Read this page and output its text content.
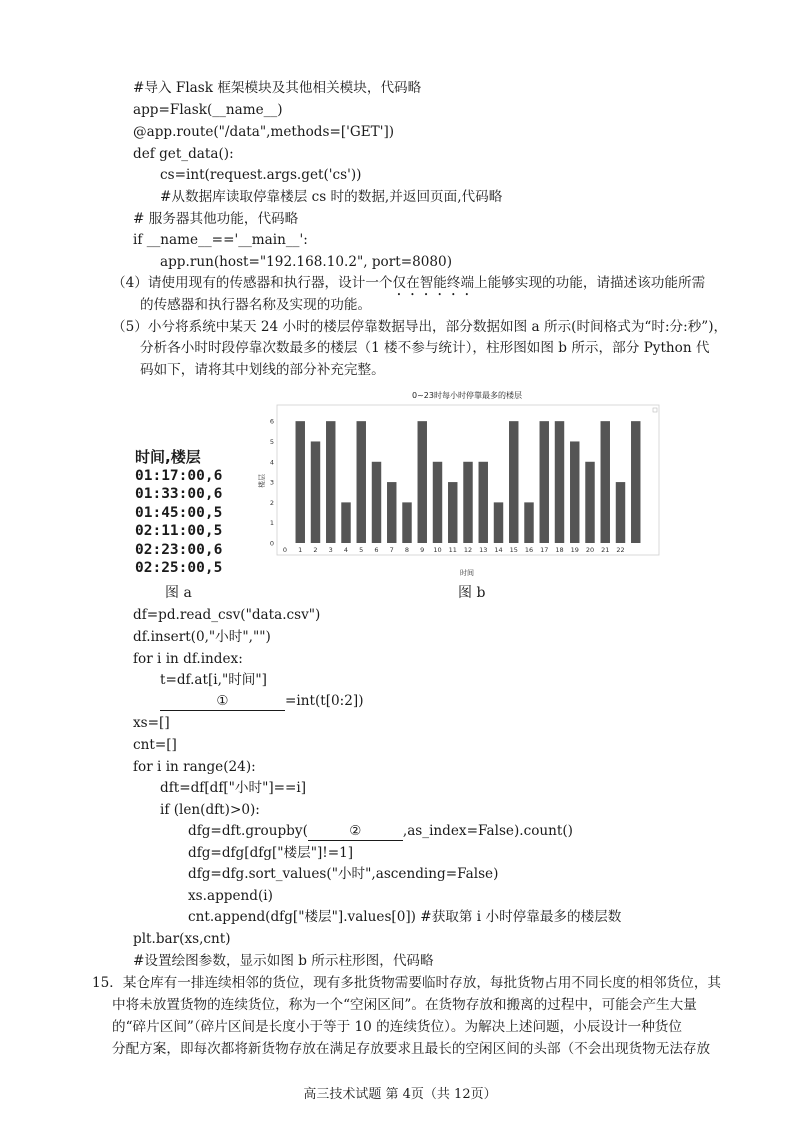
#导入 Flask 框架模块及其他相关模块，代码略
app=Flask(__name__)
@app.route("/data",methods=['GET'])
def get_data():
cs=int(request.args.get('cs'))
#从数据库读取停靠楼层 cs 时的数据,并返回页面,代码略
# 服务器其他功能，代码略
if __name__=='__main__':
app.run(host="192.168.10.2", port=8080)
（4）请使用现有的传感器和执行器，设计一个仅在智能终端上能够实现的功能，请描述该功能所需
的传感器和执行器名称及实现的功能。
（5）小兮将系统中某天 24 小时的楼层停靠数据导出，部分数据如图 a 所示(时间格式为“时:分:秒”)，
分析各小时时段停靠次数最多的楼层（1 楼不参与统计），柱形图如图 b 所示，部分 Python 代
码如下，请将其中划线的部分补充完整。
时间,楼层
01:17:00,6
01:33:00,6
01:45:00,5
02:11:00,5
02:23:00,6
02:25:00,5
图 a
0~23时每小时停靠最多的楼层
楼层
时间
0
1
2
3
4
5
6
0 1 2 3 4 5 6 7 8 9 10 11 12 13 14 15 16 17 18 19 20 21 22
图 b
df=pd.read_csv("data.csv")
df.insert(0,"小时","")
for i in df.index:
t=df.at[i,"时间"]
①	=int(t[0:2])
xs=[]
cnt=[]
for i in range(24):
dft=df[df["小时"]==i]
if (len(dft)>0):
dfg=dft.groupby(	②	,as_index=False).count()
dfg=dfg[dfg["楼层"]!=1]
dfg=dfg.sort_values("小时",ascending=False)
xs.append(i)
cnt.append(dfg["楼层"].values[0]) #获取第 i 小时停靠最多的楼层数
plt.bar(xs,cnt)
#设置绘图参数，显示如图 b 所示柱形图，代码略
15．某仓库有一排连续相邻的货位，现有多批货物需要临时存放，每批货物占用不同长度的相邻货位，其
中将未放置货物的连续货位，称为一个“空闲区间”。在货物存放和搬离的过程中，可能会产生大量
的“碎片区间”（碎片区间是长度小于等于 10 的连续货位）。为解决上述问题，小辰设计一种货位
分配方案，即每次都将新货物存放在满足存放要求且最长的空闲区间的头部（不会出现货物无法存放
高三技术试题 第 4页（共 12页）
